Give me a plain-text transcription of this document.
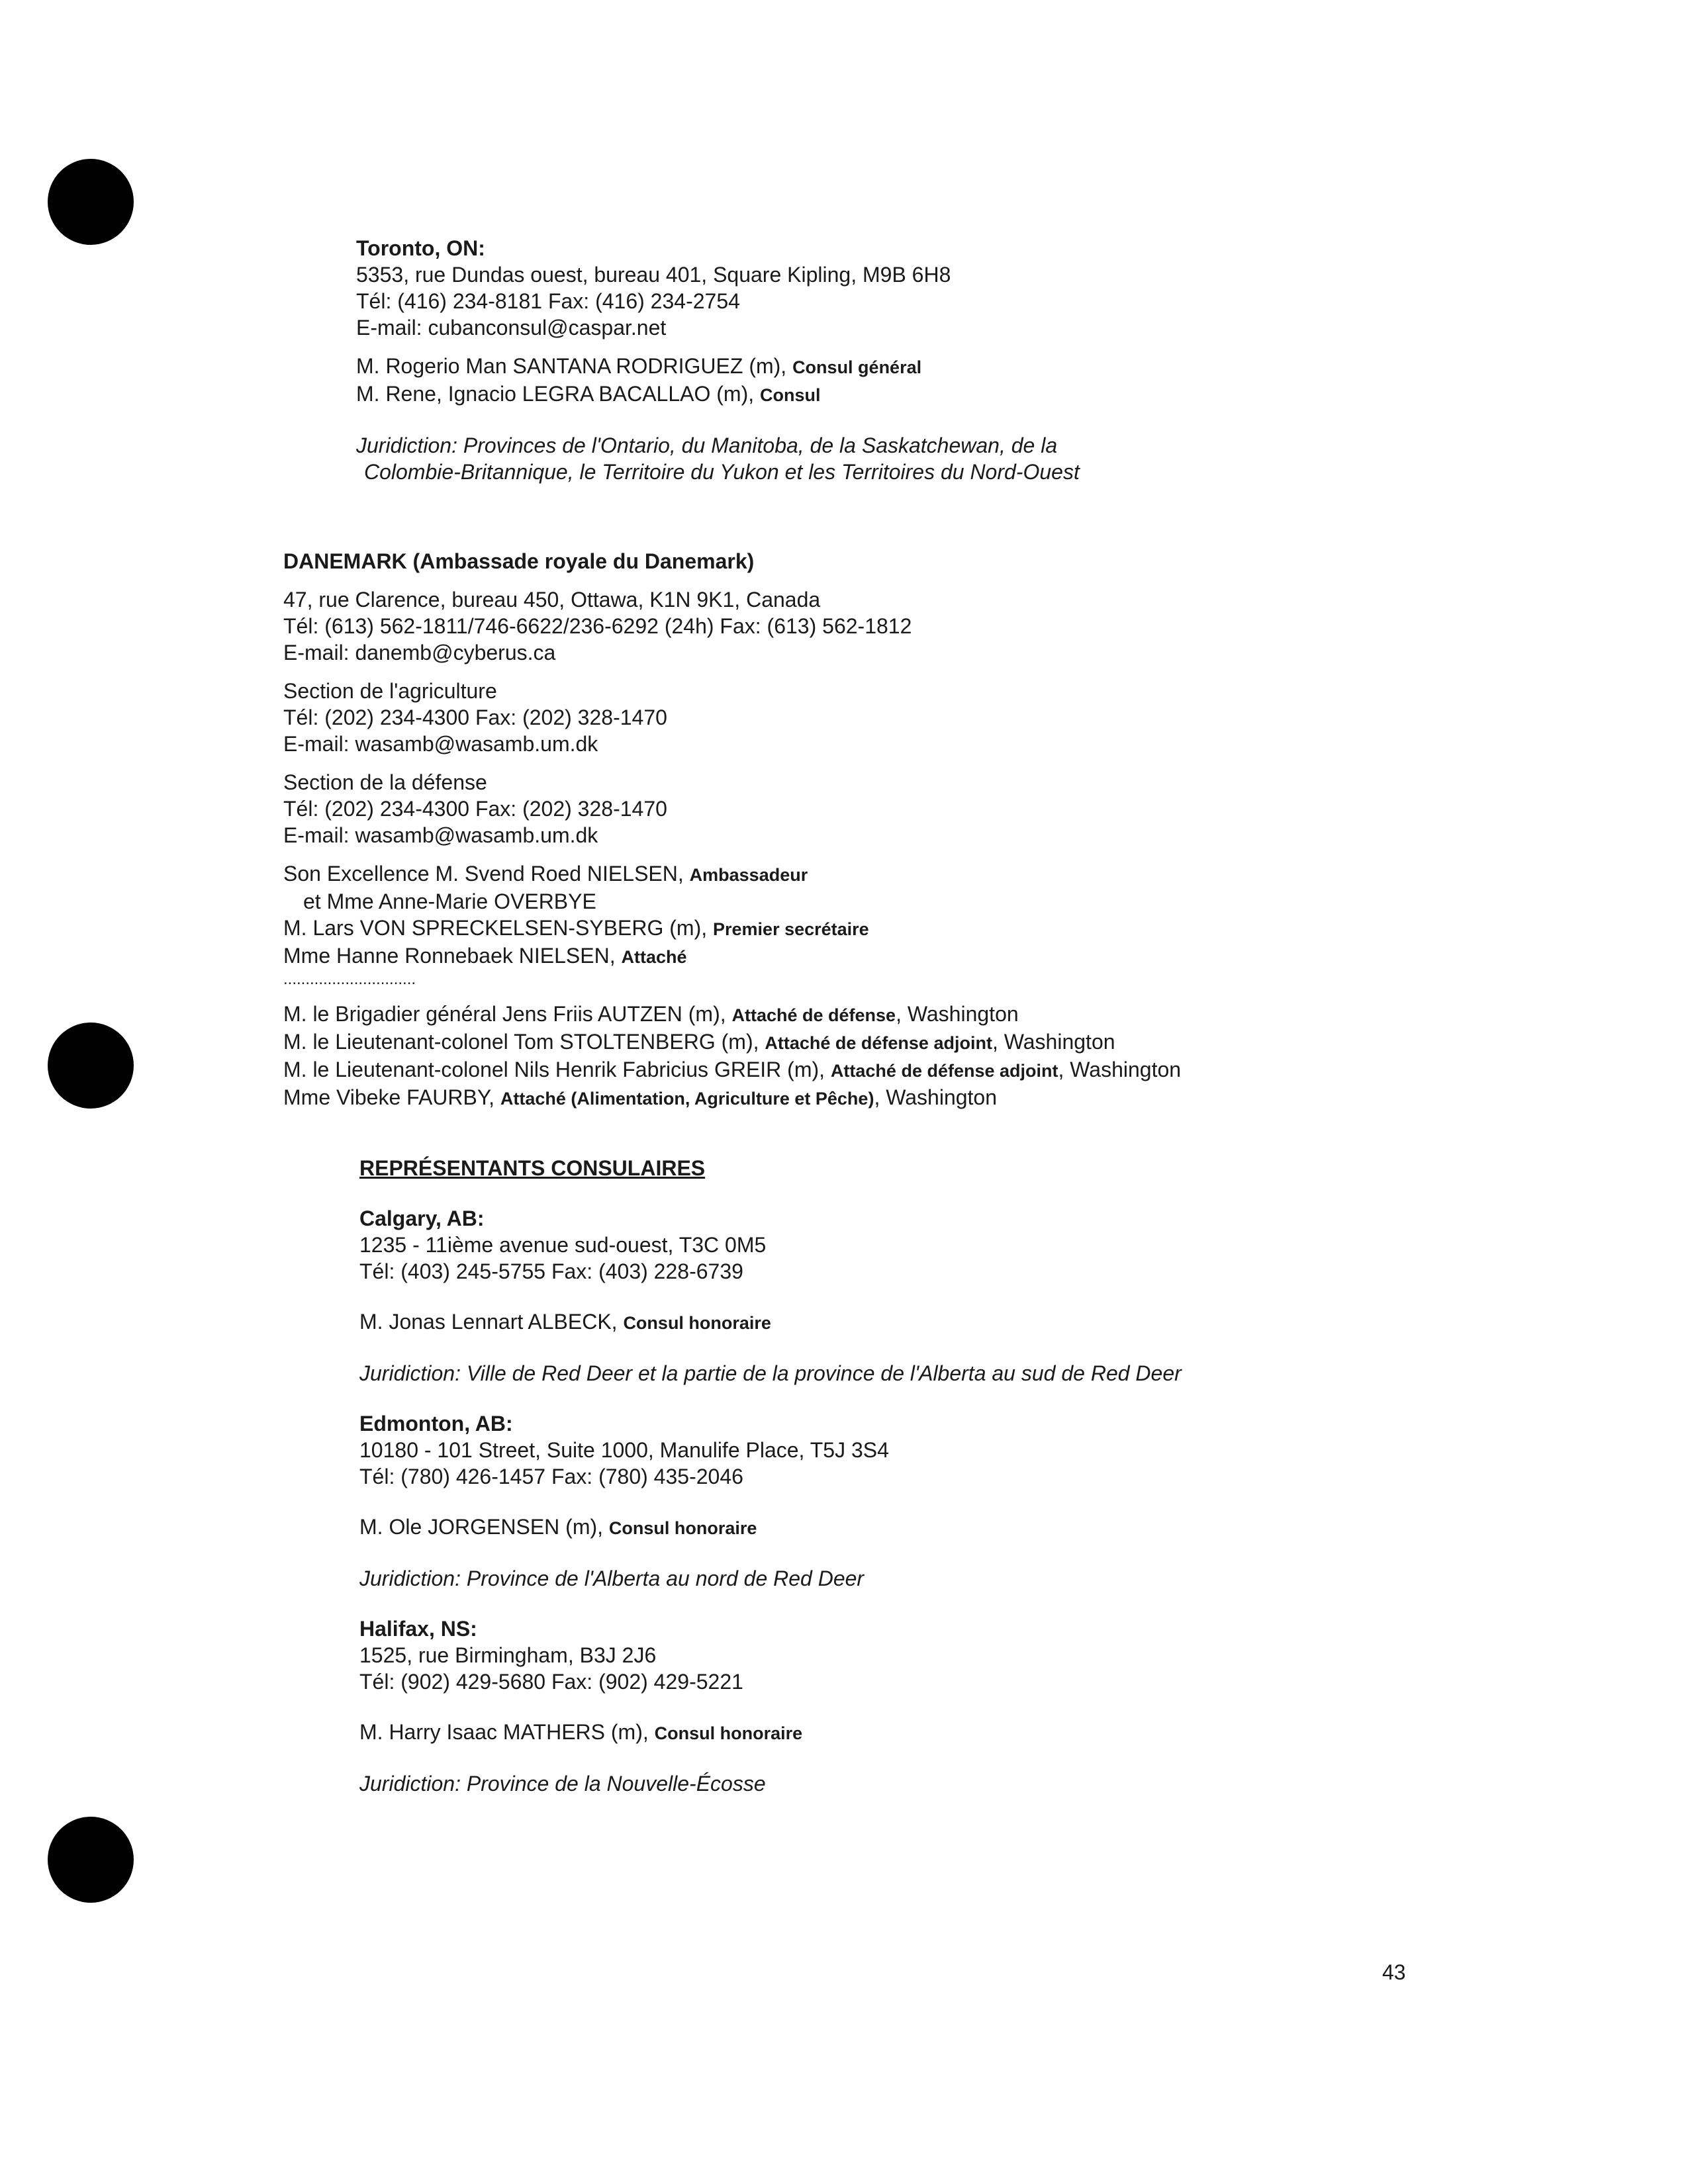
Toronto, ON:
5353, rue Dundas ouest, bureau 401, Square Kipling, M9B 6H8
Tél: (416) 234-8181 Fax: (416) 234-2754
E-mail: cubanconsul@caspar.net
M. Rogerio Man SANTANA RODRIGUEZ (m), Consul général
M. Rene, Ignacio LEGRA BACALLAO (m), Consul
Juridiction: Provinces de l'Ontario, du Manitoba, de la Saskatchewan, de la
Colombie-Britannique, le Territoire du Yukon et les Territoires du Nord-Ouest
DANEMARK (Ambassade royale du Danemark)
47, rue Clarence, bureau 450, Ottawa, K1N 9K1, Canada
Tél: (613) 562-1811/746-6622/236-6292 (24h) Fax: (613) 562-1812
E-mail: danemb@cyberus.ca
Section de l'agriculture
Tél: (202) 234-4300 Fax: (202) 328-1470
E-mail: wasamb@wasamb.um.dk
Section de la défense
Tél: (202) 234-4300 Fax: (202) 328-1470
E-mail: wasamb@wasamb.um.dk
Son Excellence M. Svend Roed NIELSEN, Ambassadeur
et Mme Anne-Marie OVERBYE
M. Lars VON SPRECKELSEN-SYBERG (m), Premier secrétaire
Mme Hanne Ronnebaek NIELSEN, Attaché
..............................
M. le Brigadier général Jens Friis AUTZEN (m), Attaché de défense, Washington
M. le Lieutenant-colonel Tom STOLTENBERG (m), Attaché de défense adjoint, Washington
M. le Lieutenant-colonel Nils Henrik Fabricius GREIR (m), Attaché de défense adjoint, Washington
Mme Vibeke FAURBY, Attaché (Alimentation, Agriculture et Pêche), Washington
REPRÉSENTANTS CONSULAIRES
Calgary, AB:
1235 - 11ième avenue sud-ouest, T3C 0M5
Tél: (403) 245-5755 Fax: (403) 228-6739
M. Jonas Lennart ALBECK, Consul honoraire
Juridiction: Ville de Red Deer et la partie de la province de l'Alberta au sud de Red Deer
Edmonton, AB:
10180 - 101 Street, Suite 1000, Manulife Place, T5J 3S4
Tél: (780) 426-1457 Fax: (780) 435-2046
M. Ole JORGENSEN (m), Consul honoraire
Juridiction: Province de l'Alberta au nord de Red Deer
Halifax, NS:
1525, rue Birmingham, B3J 2J6
Tél: (902) 429-5680 Fax: (902) 429-5221
M. Harry Isaac MATHERS (m), Consul honoraire
Juridiction: Province de la Nouvelle-Écosse
43
